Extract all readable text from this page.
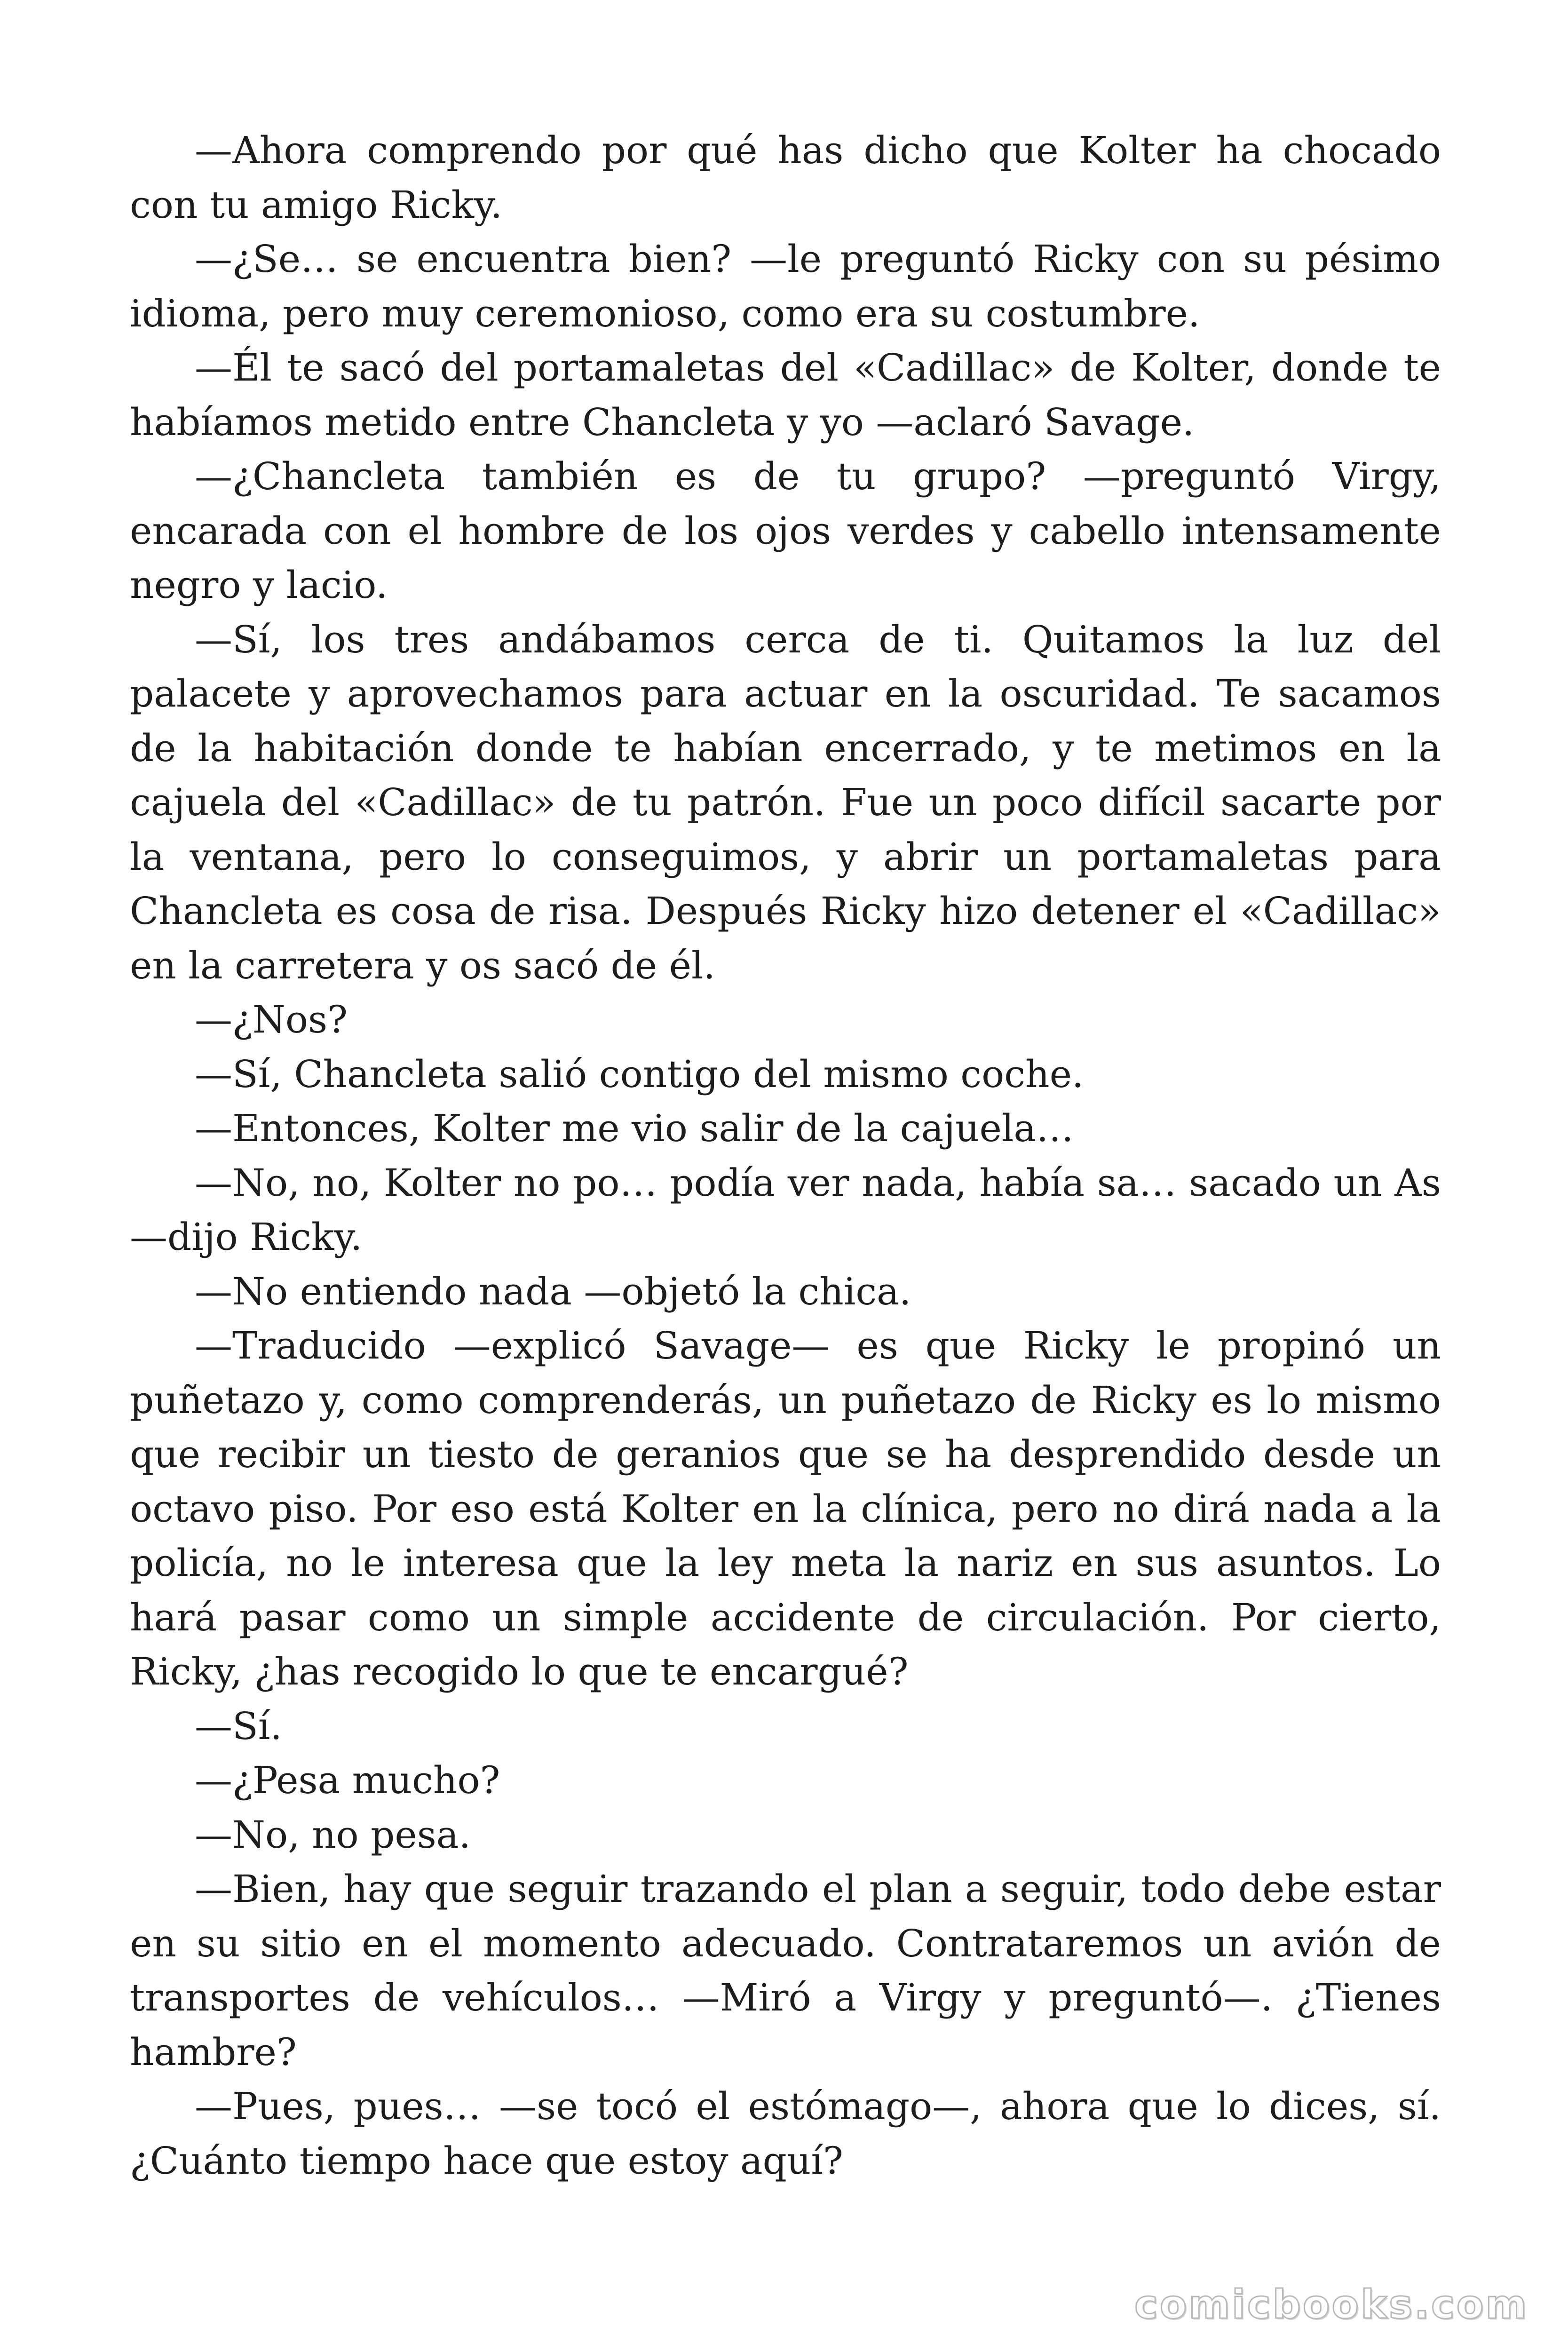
—Ahora comprendo por qué has dicho que Kolter ha chocado con tu amigo Ricky.

—¿Se… se encuentra bien? —le preguntó Ricky con su pésimo idioma, pero muy ceremonioso, como era su costumbre.

—Él te sacó del portamaletas del «Cadillac» de Kolter, donde te habíamos metido entre Chancleta y yo —aclaró Savage.

—¿Chancleta también es de tu grupo? —preguntó Virgy, encarada con el hombre de los ojos verdes y cabello intensamente negro y lacio.

—Sí, los tres andábamos cerca de ti. Quitamos la luz del palacete y aprovechamos para actuar en la oscuridad. Te sacamos de la habitación donde te habían encerrado, y te metimos en la cajuela del «Cadillac» de tu patrón. Fue un poco difícil sacarte por la ventana, pero lo conseguimos, y abrir un portamaletas para Chancleta es cosa de risa. Después Ricky hizo detener el «Cadillac» en la carretera y os sacó de él.

—¿Nos?

—Sí, Chancleta salió contigo del mismo coche.

—Entonces, Kolter me vio salir de la cajuela…

—No, no, Kolter no po… podía ver nada, había sa… sacado un As —dijo Ricky.

—No entiendo nada —objetó la chica.

—Traducido —explicó Savage— es que Ricky le propinó un puñetazo y, como comprenderás, un puñetazo de Ricky es lo mismo que recibir un tiesto de geranios que se ha desprendido desde un octavo piso. Por eso está Kolter en la clínica, pero no dirá nada a la policía, no le interesa que la ley meta la nariz en sus asuntos. Lo hará pasar como un simple accidente de circulación. Por cierto, Ricky, ¿has recogido lo que te encargué?

—Sí.

—¿Pesa mucho?

—No, no pesa.

—Bien, hay que seguir trazando el plan a seguir, todo debe estar en su sitio en el momento adecuado. Contrataremos un avión de transportes de vehículos… —Miró a Virgy y preguntó—. ¿Tienes hambre?

—Pues, pues… —se tocó el estómago—, ahora que lo dices, sí. ¿Cuánto tiempo hace que estoy aquí?

comicbooks.com
